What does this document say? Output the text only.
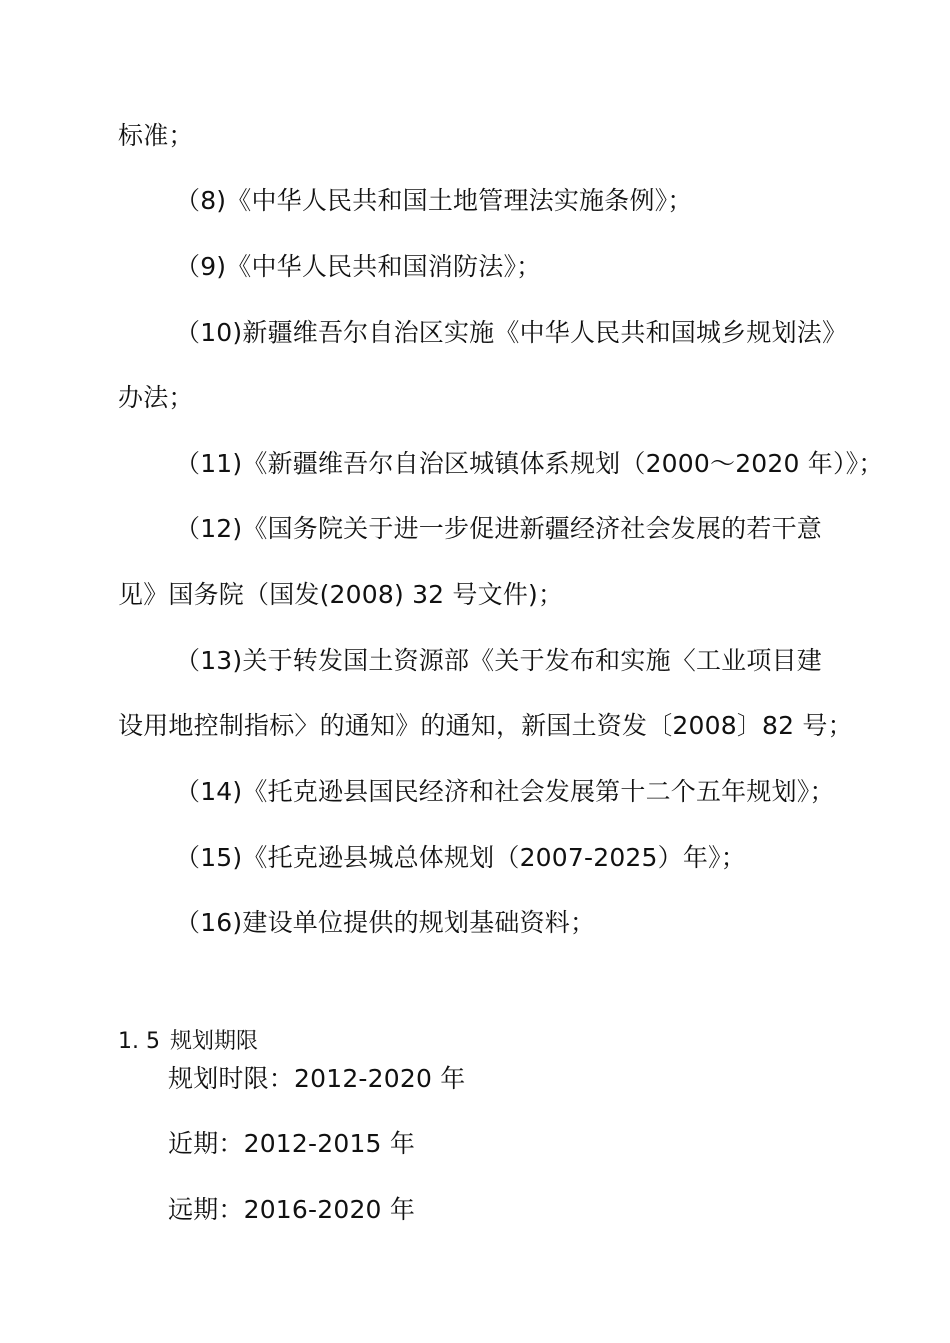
标准；
（8)《中华人民共和国土地管理法实施条例》；
（9)《中华人民共和国消防法》；
（10)新疆维吾尔自治区实施《中华人民共和国城乡规划法》
办法；
（11)《新疆维吾尔自治区城镇体系规划（2000～2020 年）》；
（12)《国务院关于进一步促进新疆经济社会发展的若干意
见》国务院（国发(2008) 32 号文件)；
（13)关于转发国土资源部《关于发布和实施〈工业项目建
设用地控制指标〉的通知》的通知，新国土资发〔2008〕82 号；
（14)《托克逊县国民经济和社会发展第十二个五年规划》；
（15)《托克逊县城总体规划（2007-2025）年》；
（16)建设单位提供的规划基础资料；
1. 5 规划期限
规划时限：2012-2020 年
近期：2012-2015 年
远期：2016-2020 年
